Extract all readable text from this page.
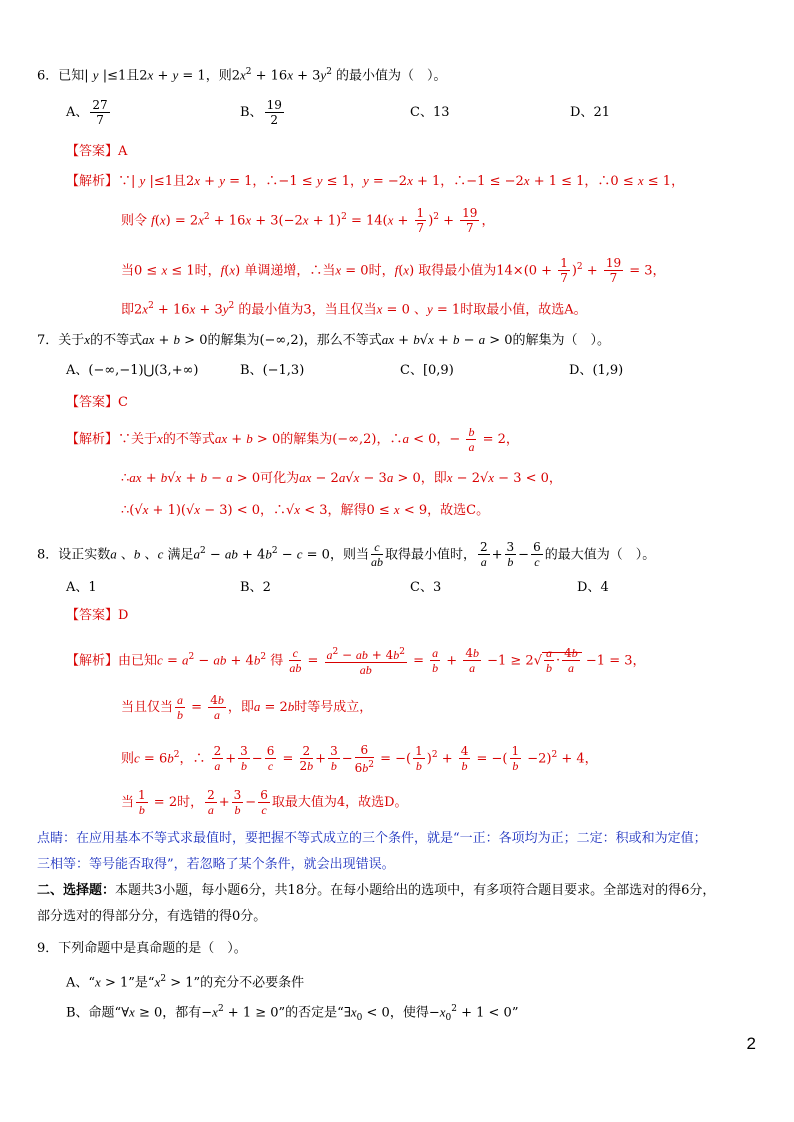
6．已知| y |≤1且2x + y = 1，则$2x^2 + 16x + 3y^2$ 的最小值为（　）。
A、 $\frac{27}{7}$	B、 $\frac{19}{2}$	C、13	D、21
【答案】A
【解析】∵| y |≤1且2x + y = 1，∴−1 ≤ y ≤ 1，y = −2x + 1，∴−1 ≤ −2x + 1 ≤ 1，∴0 ≤ x ≤ 1，
则令 $f(x) = 2x^2 + 16x + 3(-2x + 1)^2 = 14(x + \frac{1}{7} )^2 + \frac{19}{7}$ ，
当0 ≤ x ≤ 1时，f(x) 单调递增，∴当x = 0时，f(x) 取得最小值为$14\times(0 + \frac{1}{7} )^2 + \frac{19}{7} = 3$，
即$2x^2 + 16x + 3y^2$ 的最小值为3，当且仅当x = 0 、y = 1时取最小值，故选A。
7．关于x的不等式ax + b > 0的解集为(−∞,2)，那么不等式ax + b√x + b − a > 0的解集为（　）。
A、(−∞,−1)⋃(3,+∞)	B、(−1,3)	C、[0,9)	D、(1,9)
【答案】C
【解析】∵关于x的不等式ax + b > 0的解集为(−∞,2)，∴a < 0，− $\frac{b}{a} = 2$，
∴ax + b√x + b − a > 0可化为ax − 2a√x − 3a > 0，即x − 2√x − 3 < 0，
∴(√x + 1)(√x − 3) < 0，∴√x < 3，解得0 ≤ x < 9，故选C。
8．设正实数a 、b 、c 满足$a^2$ − ab + $4b^2 - c = 0$，则当 $\frac{c}{ab}$ 取得最小值时， $\frac{2}{a} + \frac{3}{b} - \frac{6}{c}$ 的最大值为（　）。
A、1	B、2	C、3	D、4
【答案】D
【解析】由已知$c = a^2$ − ab + $4b^2$ 得 $\frac{c}{ab} = \frac{a^2 - ab + 4b^2}{ab} = \frac{a}{b} + \frac{4b}{a} -1 \ge 2√ \frac{a}{b} \cdot \frac{4b}{a} -1 = 3$，
当且仅当 $\frac{a}{b} = \frac{4b}{a}$ ，即a = 2b时等号成立，
则$c = 6b^2$，∴ $\frac{2}{a} + \frac{3}{b} - \frac{6}{c} = \frac{2}{2b} + \frac{3}{b} - \frac{6}{6b^2}$ = −( $\frac{1}{b} )^2 + \frac{4}{b}$ = −( $\frac{1}{b} -2)^2 + 4$，
当 $\frac{1}{b} = 2$时， $\frac{2}{a} + \frac{3}{b} - \frac{6}{c}$ 取最大值为4，故选D。
点睛：在应用基本不等式求最值时，要把握不等式成立的三个条件，就是“一正：各项均为正；二定：积或和为定值；
三相等：等号能否取得”，若忽略了某个条件，就会出现错误。
二、选择题：本题共3小题，每小题6分，共18分。在每小题给出的选项中，有多项符合题目要求。全部选对的得6分，
部分选对的得部分分，有选错的得0分。
9．下列命题中是真命题的是（　）。
A、“x > 1”是“$x^2 > 1$”的充分不必要条件
B、命题“∀x ≥ 0，都有$-x^2 + 1 \ge 0$”的否定是“$\exists x_0 < 0$，使得$-x_0^2 + 1 < 0$”
2
